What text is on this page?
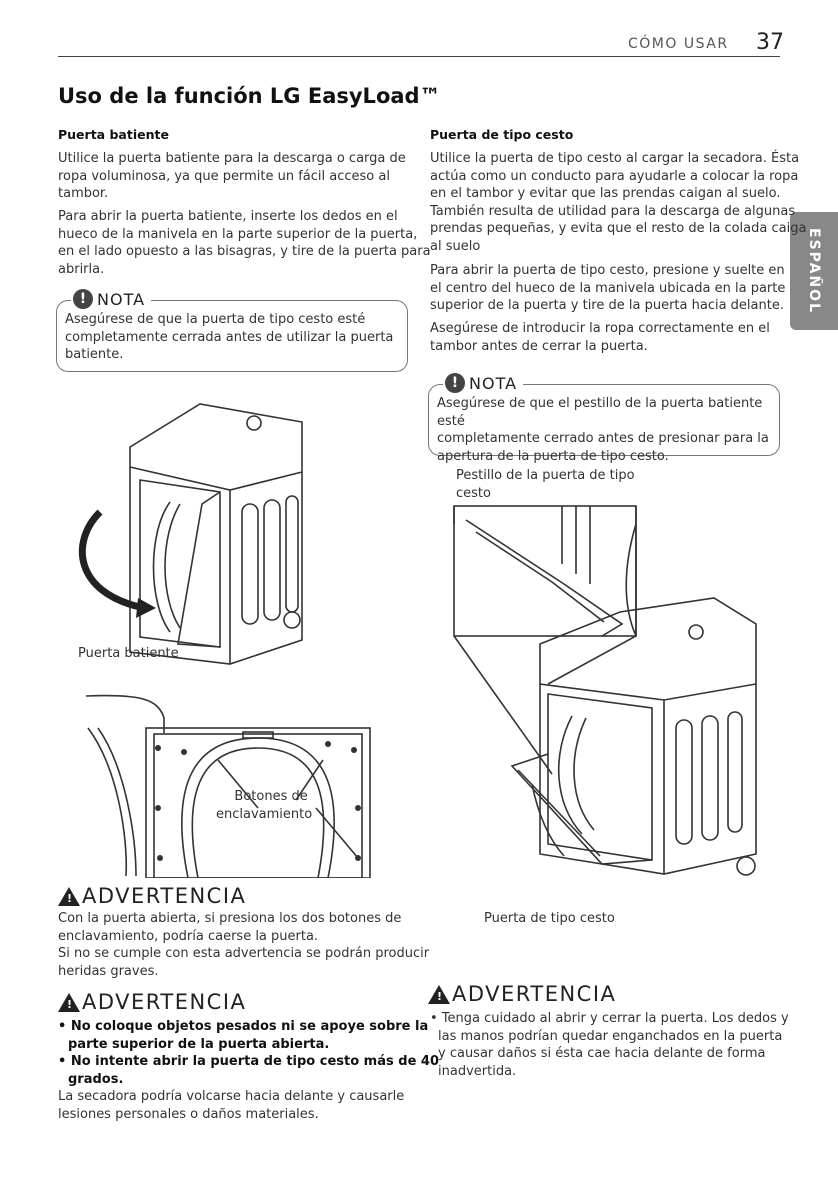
CÓMO USAR 37
ESPAÑOL
Uso de la función LG EasyLoad™
Puerta batiente
Utilice la puerta batiente para la descarga o carga de
ropa voluminosa, ya que permite un fácil acceso al
tambor.
Para abrir la puerta batiente, inserte los dedos en el
hueco de la manivela en la parte superior de la puerta,
en el lado opuesto a las bisagras, y tire de la puerta para
abrirla.
! NOTA
Asegúrese de que la puerta de tipo cesto esté
completamente cerrada antes de utilizar la puerta
batiente.
Puerta batiente
Botones de
enclavamiento
!
ADVERTENCIA
Con la puerta abierta, si presiona los dos botones de
enclavamiento, podría caerse la puerta.
Si no se cumple con esta advertencia se podrán producir
heridas graves.
!
ADVERTENCIA
• No coloque objetos pesados ni se apoye sobre la
parte superior de la puerta abierta.
• No intente abrir la puerta de tipo cesto más de 40
grados.
La secadora podría volcarse hacia delante y causarle
lesiones personales o daños materiales.
Puerta de tipo cesto
Utilice la puerta de tipo cesto al cargar la secadora. Ésta
actúa como un conducto para ayudarle a colocar la ropa
en el tambor y evitar que las prendas caigan al suelo.
También resulta de utilidad para la descarga de algunas
prendas pequeñas, y evita que el resto de la colada caiga
al suelo
Para abrir la puerta de tipo cesto, presione y suelte en
el centro del hueco de la manivela ubicada en la parte
superior de la puerta y tire de la puerta hacia delante.
Asegúrese de introducir la ropa correctamente en el
tambor antes de cerrar la puerta.
! NOTA
Asegúrese de que el pestillo de la puerta batiente esté
completamente cerrado antes de presionar para la
apertura de la puerta de tipo cesto.
Pestillo de la puerta de tipo
cesto
Puerta de tipo cesto
!
ADVERTENCIA
• Tenga cuidado al abrir y cerrar la puerta. Los dedos y
las manos podrían quedar enganchados en la puerta
y causar daños si ésta cae hacia delante de forma
inadvertida.
